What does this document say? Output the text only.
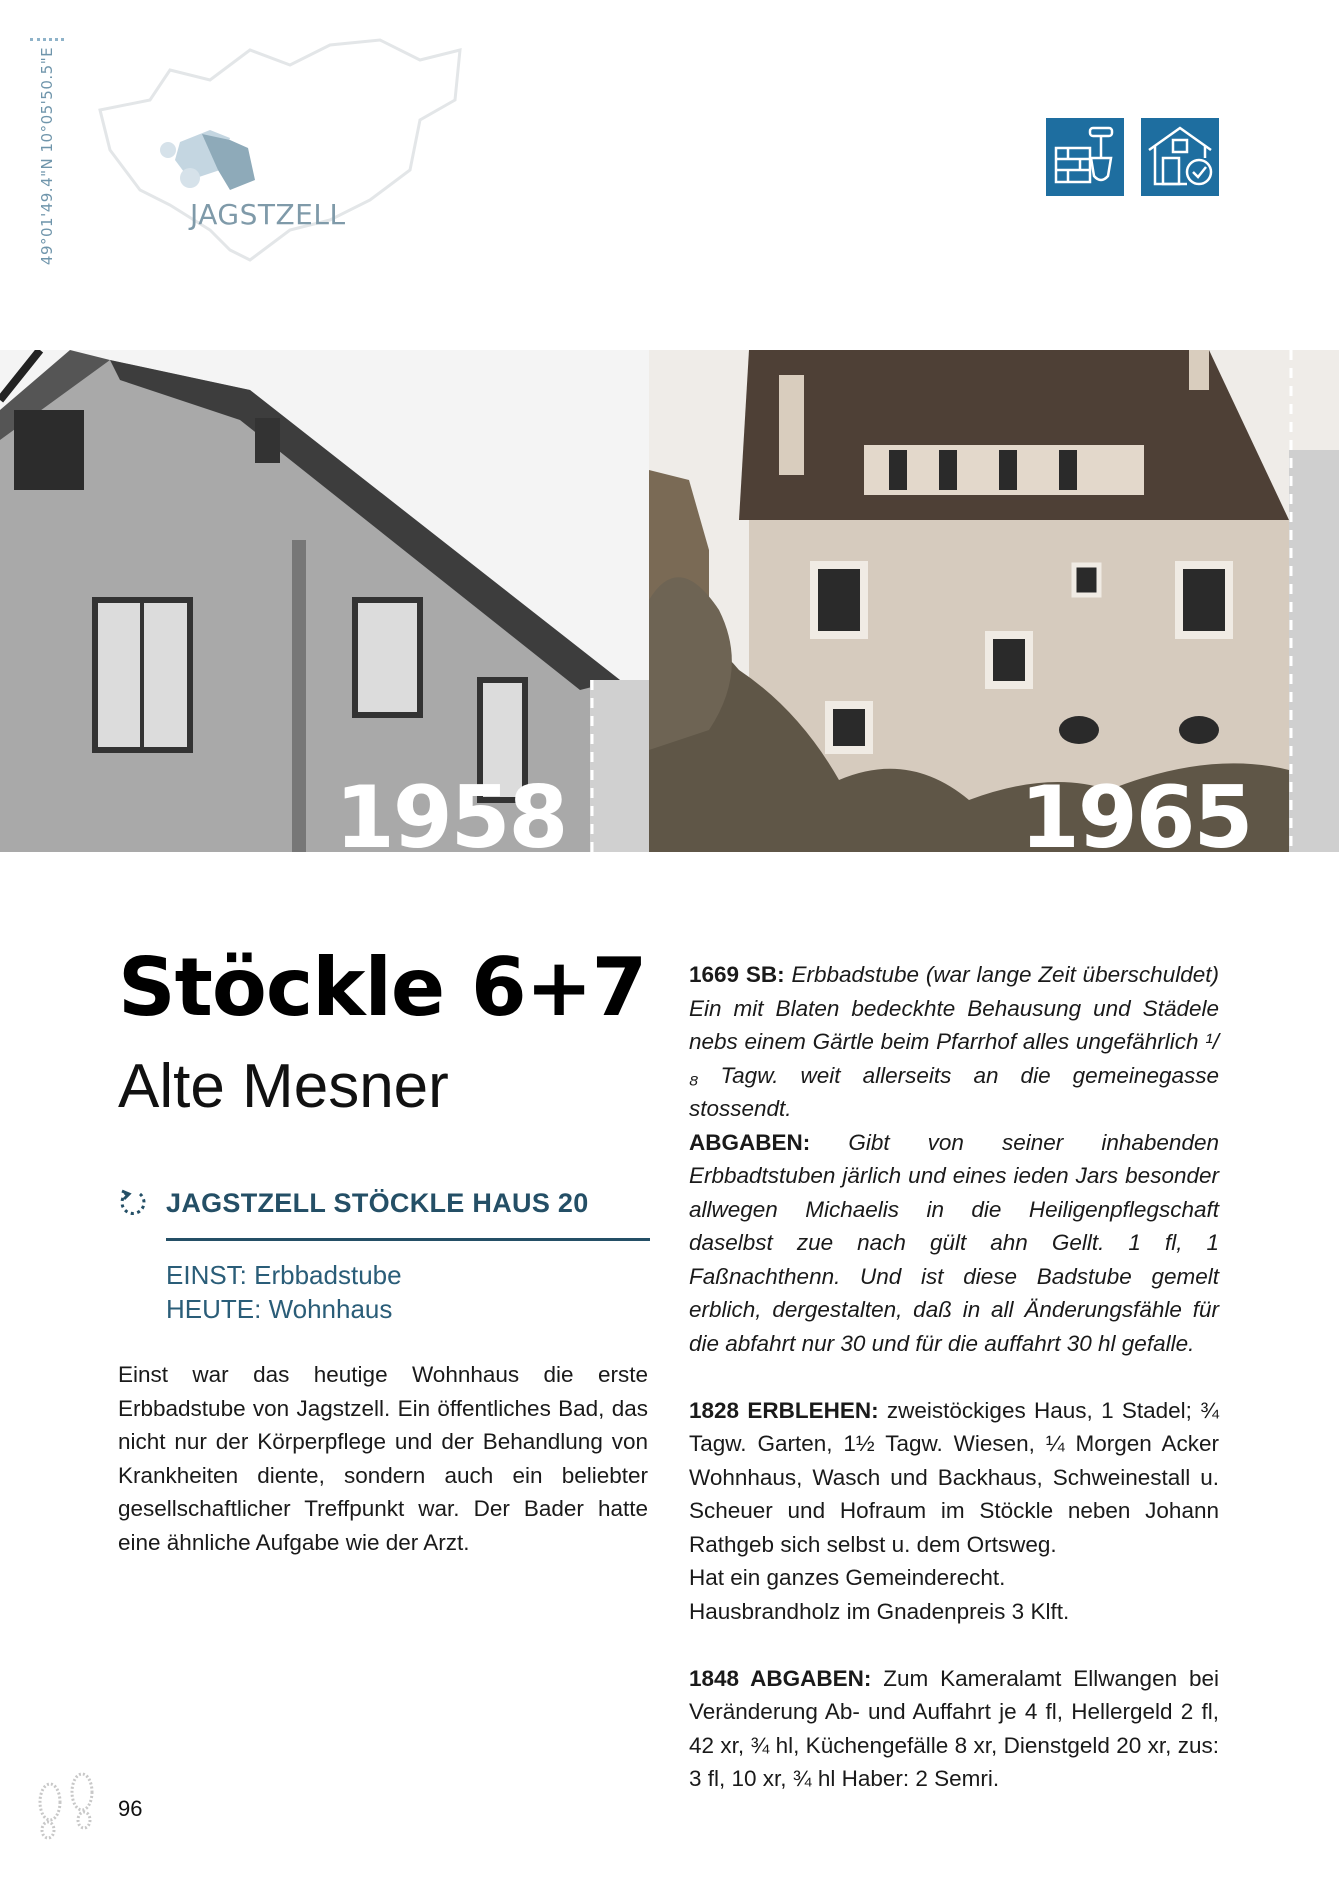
49°01'49.4"N 10°05'50.5"E	JAGSTZELL
1958	1965
Stöckle 6+7
Alte Mesner
JAGSTZELL STÖCKLE HAUS 20
EINST: Erbbadstube
HEUTE: Wohnhaus
Einst war das heutige Wohnhaus die erste Erbbadstube von Jagstzell. Ein öffentliches Bad, das nicht nur der Körperpflege und der Behandlung von Krankheiten diente, sondern auch ein beliebter gesellschaftlicher Treffpunkt war. Der Bader hatte eine ähnliche Aufgabe wie der Arzt.

1669 SB: Erbbadstube (war lange Zeit überschuldet) Ein mit Blaten bedeckhte Behausung und Städele nebs einem Gärtle beim Pfarrhof alles ungefährlich ¹/₈ Tagw. weit allerseits an die gemeinegasse stossendt.
ABGABEN: Gibt von seiner inhabenden Erbbadtstuben järlich und eines ieden Jars besonder allwegen Michaelis in die Heiligenpflegschaft daselbst zue nach gült ahn Gellt. 1 fl, 1 Faßnachthenn. Und ist diese Badstube gemelt erblich, dergestalten, daß in all Änderungsfähle für die abfahrt nur 30 und für die auffahrt 30 hl gefalle.

1828 ERBLEHEN: zweistöckiges Haus, 1 Stadel; ¾ Tagw. Garten, 1½ Tagw. Wiesen, ¼ Morgen Acker Wohnhaus, Wasch und Backhaus, Schweinestall u. Scheuer und Hofraum im Stöckle neben Johann Rathgeb sich selbst u. dem Ortsweg.
Hat ein ganzes Gemeinderecht.
Hausbrandholz im Gnadenpreis 3 Klft.

1848 ABGABEN: Zum Kameralamt Ellwangen bei Veränderung Ab- und Auffahrt je 4 fl, Hellergeld 2 fl, 42 xr, ¾ hl, Küchengefälle 8 xr, Dienstgeld 20 xr, zus: 3 fl, 10 xr, ¾ hl Haber: 2 Semri.

96
